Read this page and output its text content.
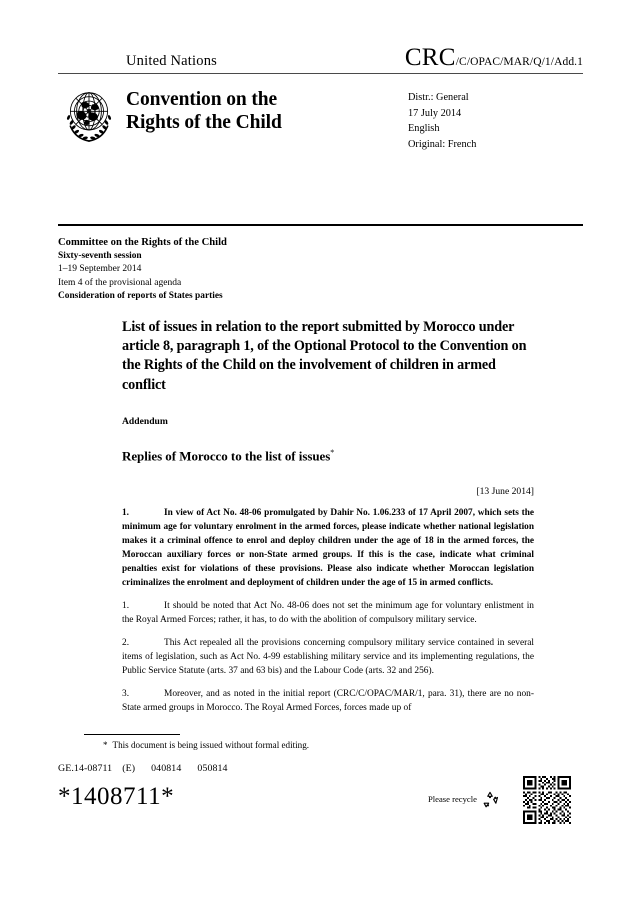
United Nations	CRC /C/OPAC/MAR/Q/1/Add.1
Convention on the
Rights of the Child
Distr.: General
17 July 2014
English
Original: French
Committee on the Rights of the Child
Sixty-seventh session
1–19 September 2014
Item 4 of the provisional agenda
Consideration of reports of States parties
List of issues in relation to the report submitted by Morocco under article 8, paragraph 1, of the Optional Protocol to the Convention on the Rights of the Child on the involvement of children in armed conflict
Addendum
Replies of Morocco to the list of issues*
[13 June 2014]

1.	In view of Act No. 48-06 promulgated by Dahir No. 1.06.233 of 17 April 2007, which sets the minimum age for voluntary enrolment in the armed forces, please indicate whether national legislation makes it a criminal offence to enrol and deploy children under the age of 18 in the armed forces, the Moroccan auxiliary forces or non-State armed groups. If this is the case, indicate what criminal penalties exist for violations of these provisions. Please also indicate whether Moroccan legislation criminalizes the enrolment and deployment of children under the age of 15 in armed conflicts.

1.	It should be noted that Act No. 48-06 does not set the minimum age for voluntary enlistment in the Royal Armed Forces; rather, it has, to do with the abolition of compulsory military service.

2.	This Act repealed all the provisions concerning compulsory military service contained in several items of legislation, such as Act No. 4-99 establishing military service and its implementing regulations, the Public Service Statute (arts. 37 and 63 bis) and the Labour Code (arts. 32 and 256).

3.	Moreover, and as noted in the initial report (CRC/C/OPAC/MAR/1, para. 31), there are no non-State armed groups in Morocco. The Royal Armed Forces, forces made up of

* This document is being issued without formal editing.
GE.14-08711 (E) 040814 050814
*1408711*	Please recycle
